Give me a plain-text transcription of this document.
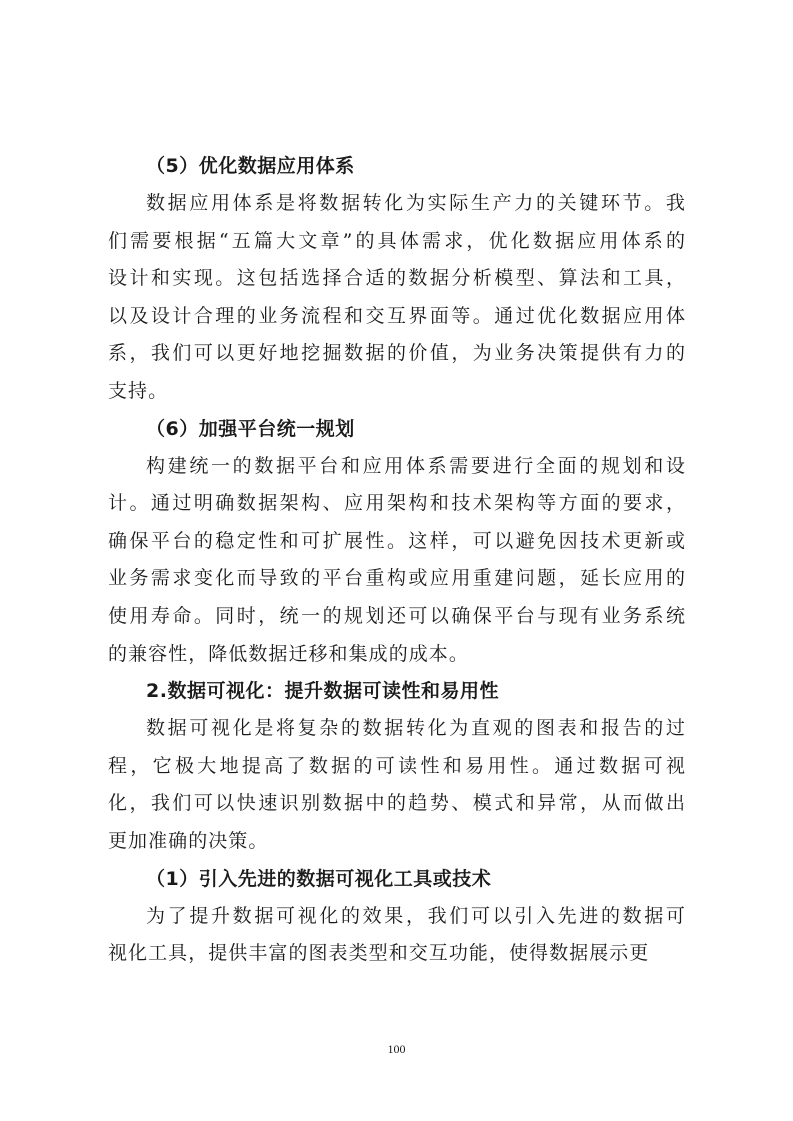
（5）优化数据应用体系
数据应用体系是将数据转化为实际生产力的关键环节。我
们需要根据“五篇大文章”的具体需求，优化数据应用体系的
设计和实现。这包括选择合适的数据分析模型、算法和工具，
以及设计合理的业务流程和交互界面等。通过优化数据应用体
系，我们可以更好地挖掘数据的价值，为业务决策提供有力的
支持。
（6）加强平台统一规划
构建统一的数据平台和应用体系需要进行全面的规划和设
计。通过明确数据架构、应用架构和技术架构等方面的要求，
确保平台的稳定性和可扩展性。这样，可以避免因技术更新或
业务需求变化而导致的平台重构或应用重建问题，延长应用的
使用寿命。同时，统一的规划还可以确保平台与现有业务系统
的兼容性，降低数据迁移和集成的成本。
2.数据可视化：提升数据可读性和易用性
数据可视化是将复杂的数据转化为直观的图表和报告的过
程，它极大地提高了数据的可读性和易用性。通过数据可视
化，我们可以快速识别数据中的趋势、模式和异常，从而做出
更加准确的决策。
（1）引入先进的数据可视化工具或技术
为了提升数据可视化的效果，我们可以引入先进的数据可
视化工具，提供丰富的图表类型和交互功能，使得数据展示更
100
